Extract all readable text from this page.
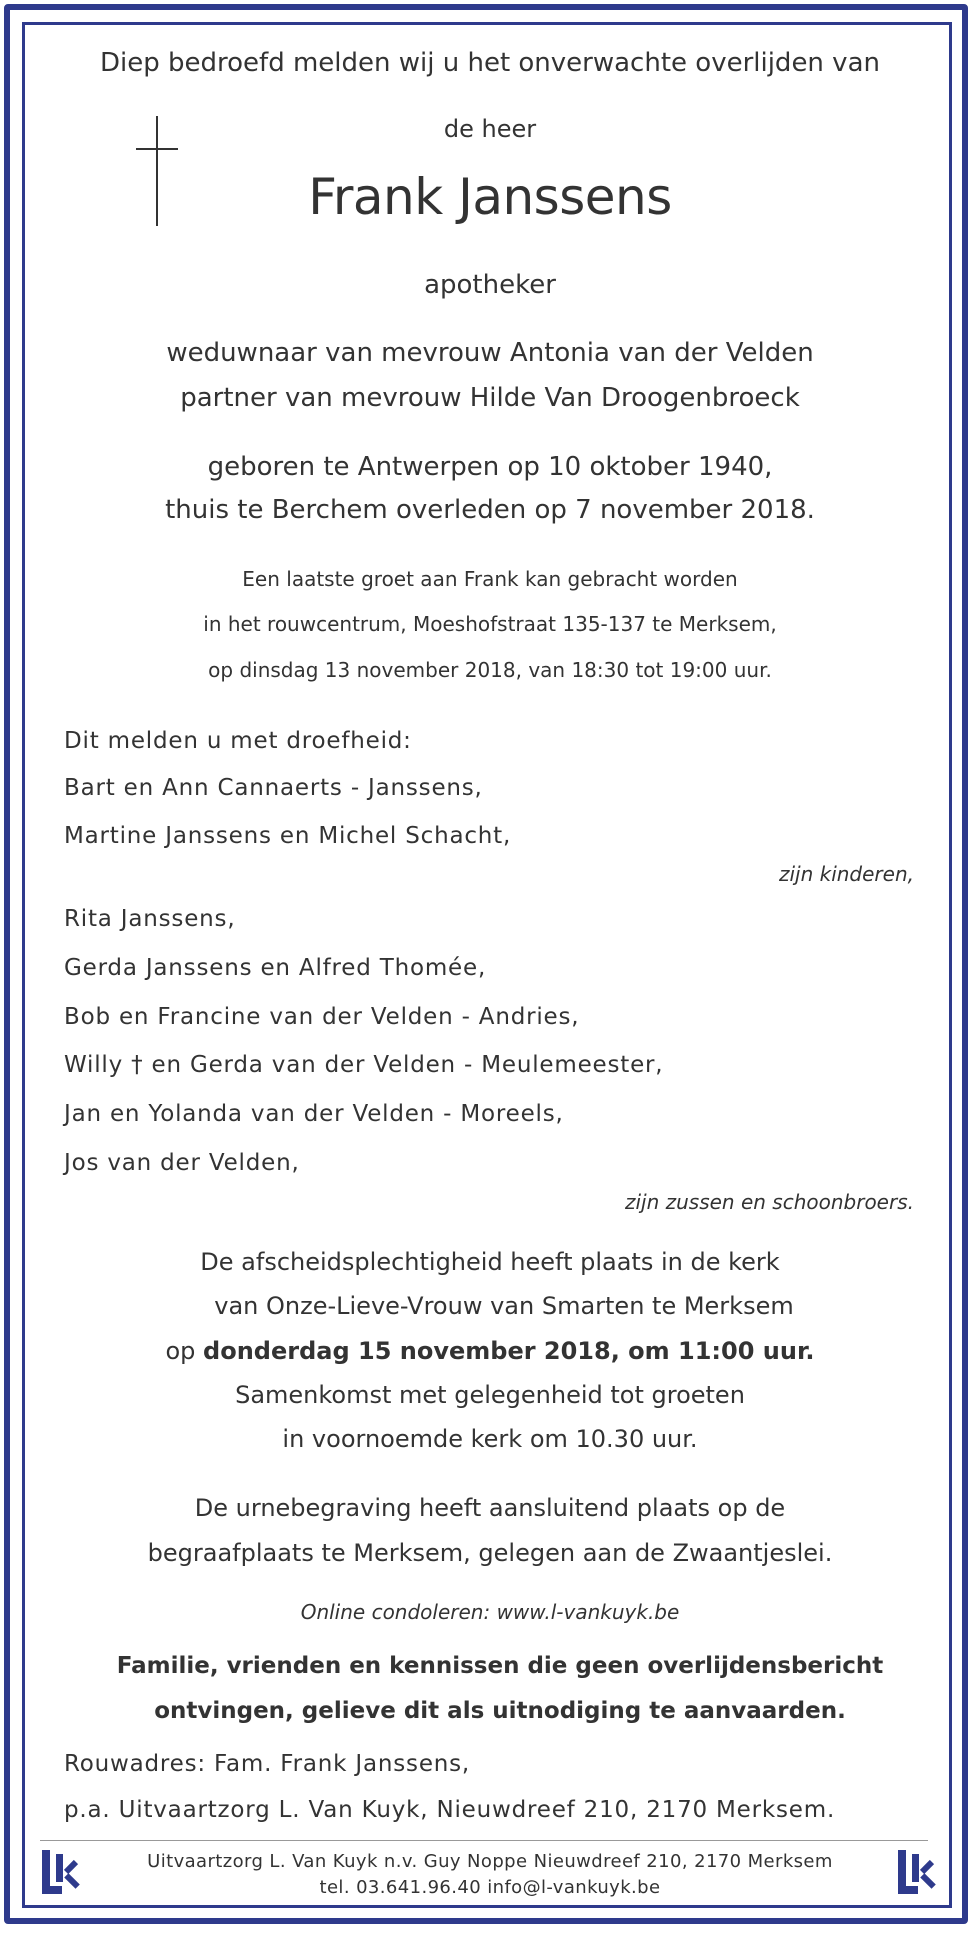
Diep bedroefd melden wij u het onverwachte overlijden van
de heer
Frank Janssens
apotheker
weduwnaar van mevrouw Antonia van der Velden
partner van mevrouw Hilde Van Droogenbroeck
geboren te Antwerpen op 10 oktober 1940,
thuis te Berchem overleden op 7 november 2018.
Een laatste groet aan Frank kan gebracht worden
in het rouwcentrum, Moeshofstraat 135-137 te Merksem,
op dinsdag 13 november 2018, van 18:30 tot 19:00 uur.
Dit melden u met droefheid:
Bart en Ann Cannaerts - Janssens,
Martine Janssens en Michel Schacht,
zijn kinderen,
Rita Janssens,
Gerda Janssens en Alfred Thomée,
Bob en Francine van der Velden - Andries,
Willy † en Gerda van der Velden - Meulemeester,
Jan en Yolanda van der Velden - Moreels,
Jos van der Velden,
zijn zussen en schoonbroers.
De afscheidsplechtigheid heeft plaats in de kerk
van Onze-Lieve-Vrouw van Smarten te Merksem
op donderdag 15 november 2018, om 11:00 uur.
Samenkomst met gelegenheid tot groeten
in voornoemde kerk om 10.30 uur.
De urnebegraving heeft aansluitend plaats op de
begraafplaats te Merksem, gelegen aan de Zwaantjeslei.
Online condoleren: www.l-vankuyk.be
Familie, vrienden en kennissen die geen overlijdensbericht
ontvingen, gelieve dit als uitnodiging te aanvaarden.
Rouwadres: Fam. Frank Janssens,
p.a. Uitvaartzorg L. Van Kuyk, Nieuwdreef 210, 2170 Merksem.
Uitvaartzorg L. Van Kuyk n.v. Guy Noppe Nieuwdreef 210, 2170 Merksem
tel. 03.641.96.40 info@l-vankuyk.be
